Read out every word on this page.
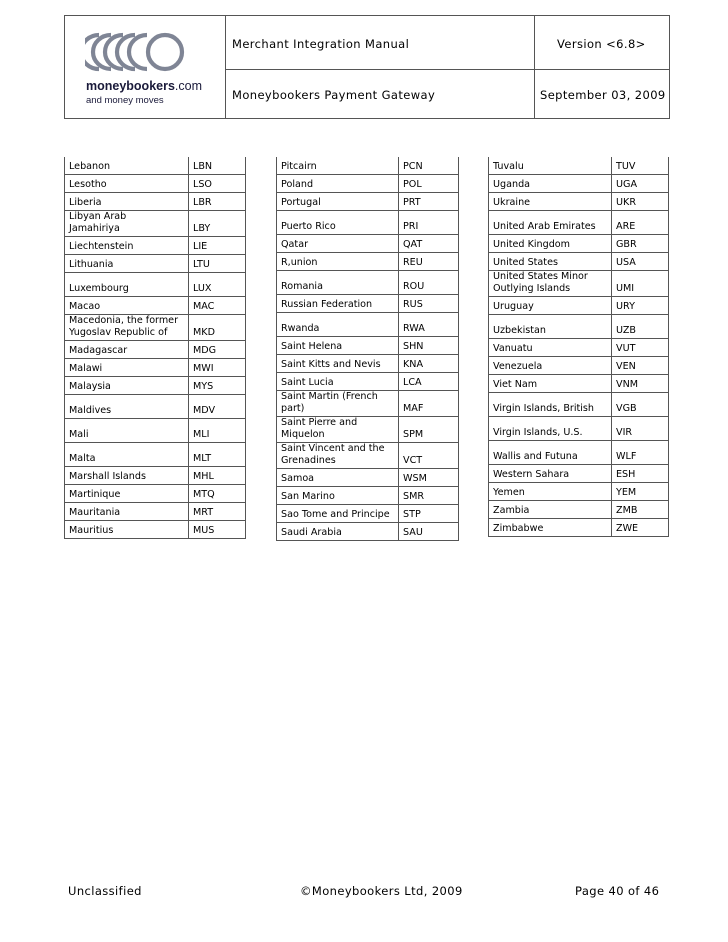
moneybookers.com
and money moves
Merchant Integration Manual	Version <6.8>
Moneybookers Payment Gateway	September 03, 2009
Lebanon	LBN
Lesotho	LSO
Liberia	LBR
Libyan Arab
Jamahiriya	LBY
Liechtenstein	LIE
Lithuania	LTU
Luxembourg	LUX
Macao	MAC
Macedonia, the former
Yugoslav Republic of	MKD
Madagascar	MDG
Malawi	MWI
Malaysia	MYS
Maldives	MDV
Mali	MLI
Malta	MLT
Marshall Islands	MHL
Martinique	MTQ
Mauritania	MRT
Mauritius	MUS
Pitcairn	PCN
Poland	POL
Portugal	PRT
Puerto Rico	PRI
Qatar	QAT
R,union	REU
Romania	ROU
Russian Federation	RUS
Rwanda	RWA
Saint Helena	SHN
Saint Kitts and Nevis	KNA
Saint Lucia	LCA
Saint Martin (French
part)	MAF
Saint Pierre and
Miquelon	SPM
Saint Vincent and the
Grenadines	VCT
Samoa	WSM
San Marino	SMR
Sao Tome and Principe	STP
Saudi Arabia	SAU
Tuvalu	TUV
Uganda	UGA
Ukraine	UKR
United Arab Emirates	ARE
United Kingdom	GBR
United States	USA
United States Minor
Outlying Islands	UMI
Uruguay	URY
Uzbekistan	UZB
Vanuatu	VUT
Venezuela	VEN
Viet Nam	VNM
Virgin Islands, British	VGB
Virgin Islands, U.S.	VIR
Wallis and Futuna	WLF
Western Sahara	ESH
Yemen	YEM
Zambia	ZMB
Zimbabwe	ZWE
Unclassified	©Moneybookers Ltd, 2009	Page 40 of 46
